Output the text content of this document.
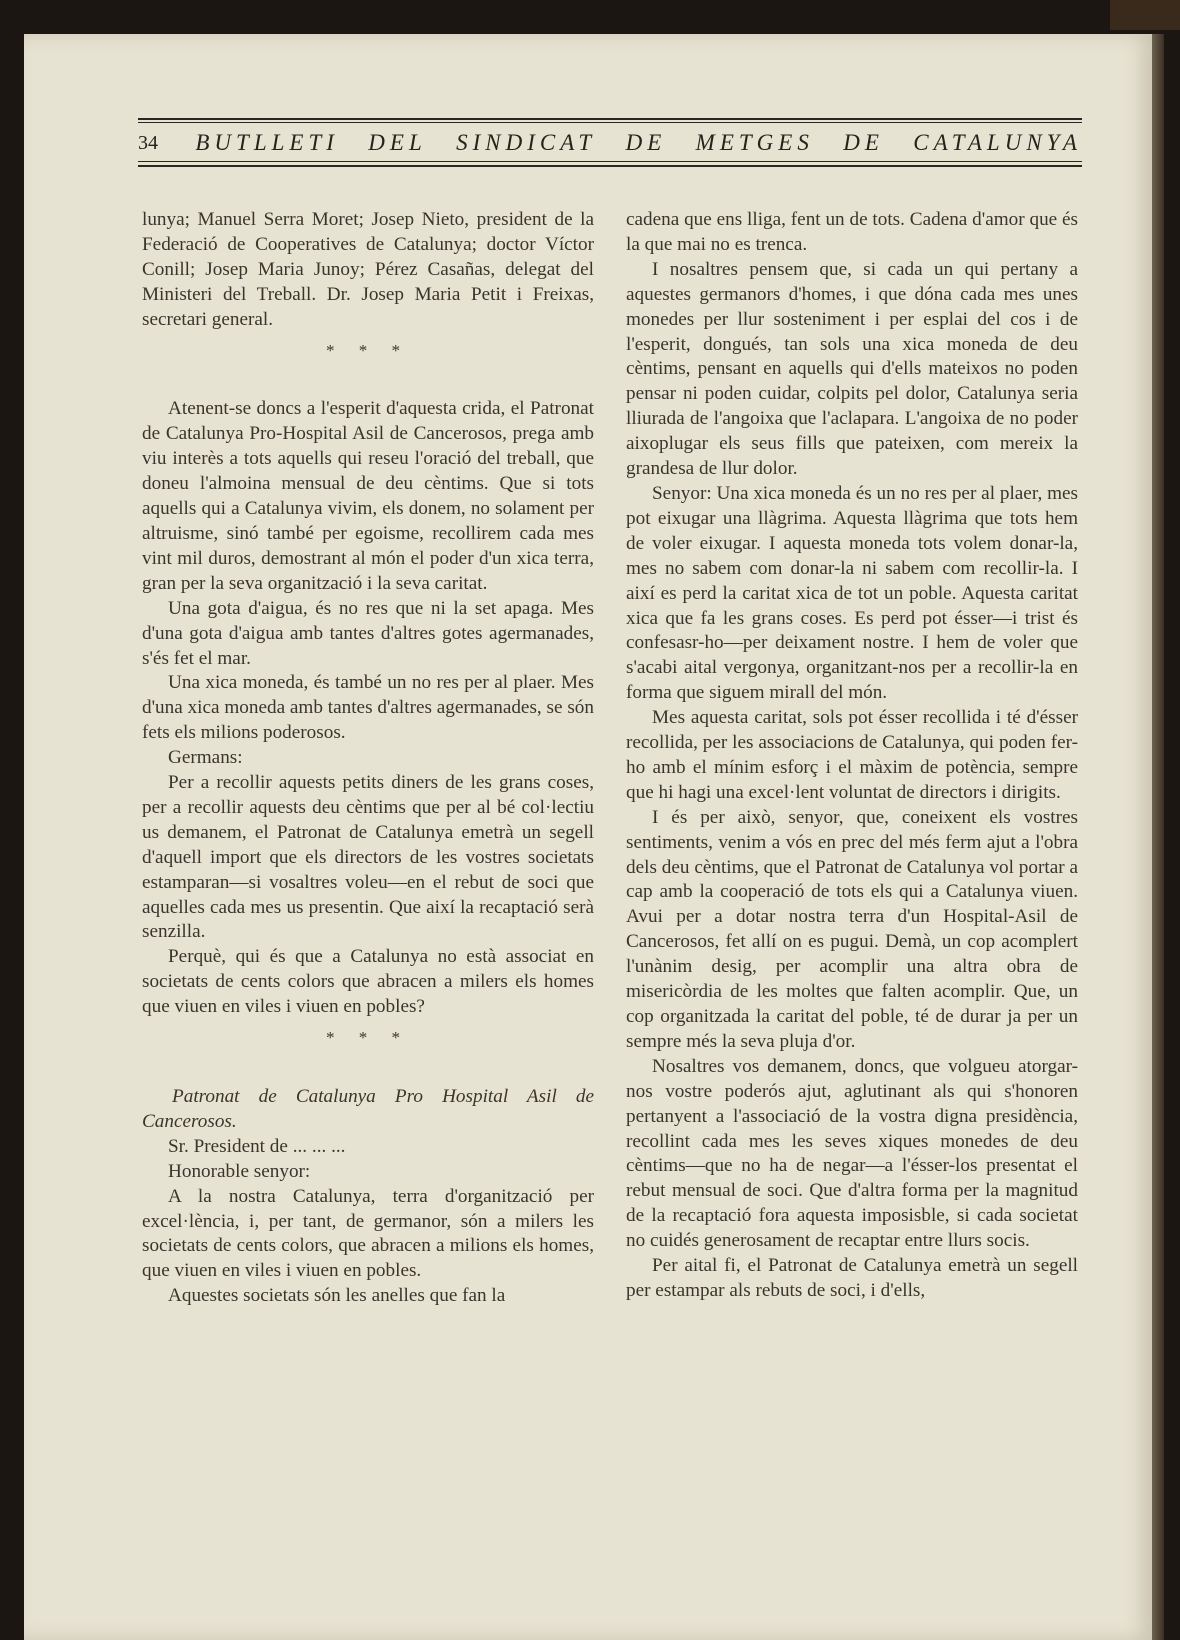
34 BUTLLETI DEL SINDICAT DE METGES DE CATALUNYA

lunya; Manuel Serra Moret; Josep Nieto, president de la Federació de Cooperatives de Catalunya; doctor Víctor Conill; Josep Maria Junoy; Pérez Casañas, delegat del Ministeri del Treball. Dr. Josep Maria Petit i Freixas, secretari general.

* * *

Atenent-se doncs a l'esperit d'aquesta crida, el Patronat de Catalunya Pro-Hospital Asil de Cancerosos, prega amb viu interès a tots aquells qui reseu l'oració del treball, que doneu l'almoina mensual de deu cèntims. Que si tots aquells qui a Catalunya vivim, els donem, no solament per altruisme, sinó també per egoisme, recollirem cada mes vint mil duros, demostrant al món el poder d'un xica terra, gran per la seva organització i la seva caritat.

Una gota d'aigua, és no res que ni la set apaga. Mes d'una gota d'aigua amb tantes d'altres gotes agermanades, s'és fet el mar.

Una xica moneda, és també un no res per al plaer. Mes d'una xica moneda amb tantes d'altres agermanades, se són fets els milions poderosos.

Germans:

Per a recollir aquests petits diners de les grans coses, per a recollir aquests deu cèntims que per al bé col·lectiu us demanem, el Patronat de Catalunya emetrà un segell d'aquell import que els directors de les vostres societats estamparan—si vosaltres voleu—en el rebut de soci que aquelles cada mes us presentin. Que així la recaptació serà senzilla.

Perquè, qui és que a Catalunya no està associat en societats de cents colors que abracen a milers els homes que viuen en viles i viuen en pobles?

* * *

Patronat de Catalunya Pro Hospital Asil de Cancerosos.

Sr. President de ... ... ...

Honorable senyor:

A la nostra Catalunya, terra d'organització per excel·lència, i, per tant, de germanor, són a milers les societats de cents colors, que abracen a milions els homes, que viuen en viles i viuen en pobles.

Aquestes societats són les anelles que fan la

cadena que ens lliga, fent un de tots. Cadena d'amor que és la que mai no es trenca.

I nosaltres pensem que, si cada un qui pertany a aquestes germanors d'homes, i que dóna cada mes unes monedes per llur sosteniment i per esplai del cos i de l'esperit, dongués, tan sols una xica moneda de deu cèntims, pensant en aquells qui d'ells mateixos no poden pensar ni poden cuidar, colpits pel dolor, Catalunya seria lliurada de l'angoixa que l'aclapara. L'angoixa de no poder aixoplugar els seus fills que pateixen, com mereix la grandesa de llur dolor.

Senyor: Una xica moneda és un no res per al plaer, mes pot eixugar una llàgrima. Aquesta llàgrima que tots hem de voler eixugar. I aquesta moneda tots volem donar-la, mes no sabem com donar-la ni sabem com recollir-la. I així es perd la caritat xica de tot un poble. Aquesta caritat xica que fa les grans coses. Es perd pot ésser—i trist és confesasr-ho—per deixament nostre. I hem de voler que s'acabi aital vergonya, organitzant-nos per a recollir-la en forma que siguem mirall del món.

Mes aquesta caritat, sols pot ésser recollida i té d'ésser recollida, per les associacions de Catalunya, qui poden fer-ho amb el mínim esforç i el màxim de potència, sempre que hi hagi una excel·lent voluntat de directors i dirigits.

I és per això, senyor, que, coneixent els vostres sentiments, venim a vós en prec del més ferm ajut a l'obra dels deu cèntims, que el Patronat de Catalunya vol portar a cap amb la cooperació de tots els qui a Catalunya viuen. Avui per a dotar nostra terra d'un Hospital-Asil de Cancerosos, fet allí on es pugui. Demà, un cop acomplert l'unànim desig, per acomplir una altra obra de misericòrdia de les moltes que falten acomplir. Que, un cop organitzada la caritat del poble, té de durar ja per un sempre més la seva pluja d'or.

Nosaltres vos demanem, doncs, que volgueu atorgar-nos vostre poderós ajut, aglutinant als qui s'honoren pertanyent a l'associació de la vostra digna presidència, recollint cada mes les seves xiques monedes de deu cèntims—que no ha de negar—a l'ésser-los presentat el rebut mensual de soci. Que d'altra forma per la magnitud de la recaptació fora aquesta imposisble, si cada societat no cuidés generosament de recaptar entre llurs socis.

Per aital fi, el Patronat de Catalunya emetrà un segell per estampar als rebuts de soci, i d'ells,
